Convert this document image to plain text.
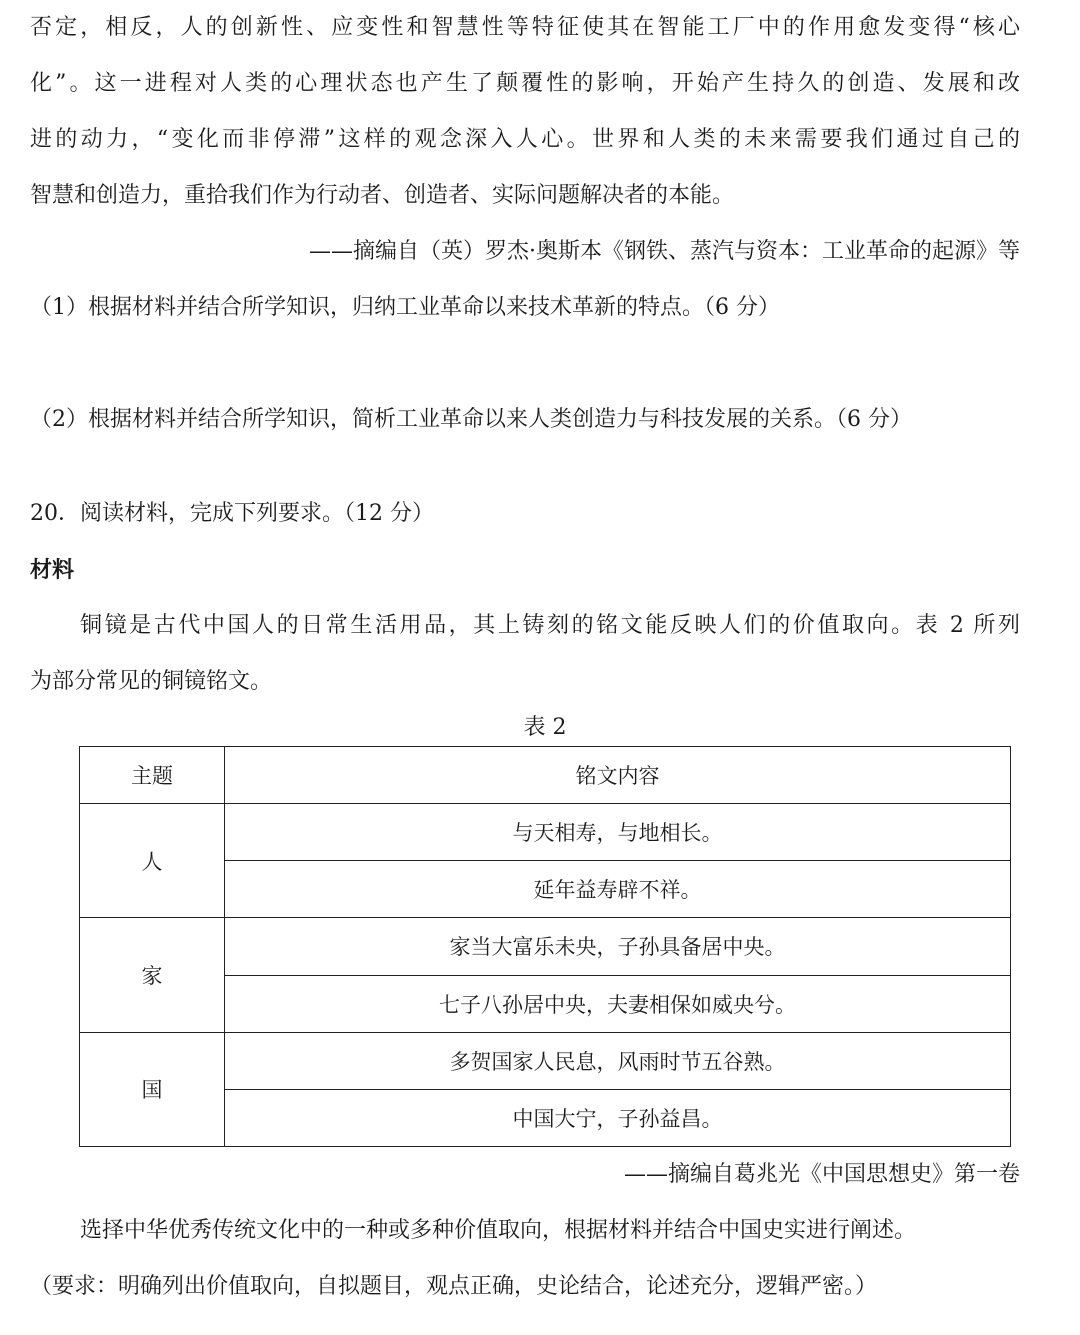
否定，相反，人的创新性、应变性和智慧性等特征使其在智能工厂中的作用愈发变得“核心
化”。这一进程对人类的心理状态也产生了颠覆性的影响，开始产生持久的创造、发展和改
进的动力，“变化而非停滞”这样的观念深入人心。世界和人类的未来需要我们通过自己的
智慧和创造力，重拾我们作为行动者、创造者、实际问题解决者的本能。
——摘编自（英）罗杰·奥斯本《钢铁、蒸汽与资本：工业革命的起源》等
（1）根据材料并结合所学知识，归纳工业革命以来技术革新的特点。（6 分）
（2）根据材料并结合所学知识，简析工业革命以来人类创造力与科技发展的关系。（6 分）
20．阅读材料，完成下列要求。（12 分）
材料
铜镜是古代中国人的日常生活用品，其上铸刻的铭文能反映人们的价值取向。表 2 所列
为部分常见的铜镜铭文。
表 2
主题	铭文内容
人	与天相寿，与地相长。
	延年益寿辟不祥。
家	家当大富乐未央，子孙具备居中央。
	七子八孙居中央，夫妻相保如威央兮。
国	多贺国家人民息，风雨时节五谷熟。
	中国大宁，子孙益昌。
——摘编自葛兆光《中国思想史》第一卷
选择中华优秀传统文化中的一种或多种价值取向，根据材料并结合中国史实进行阐述。
（要求：明确列出价值取向，自拟题目，观点正确，史论结合，论述充分，逻辑严密。）
